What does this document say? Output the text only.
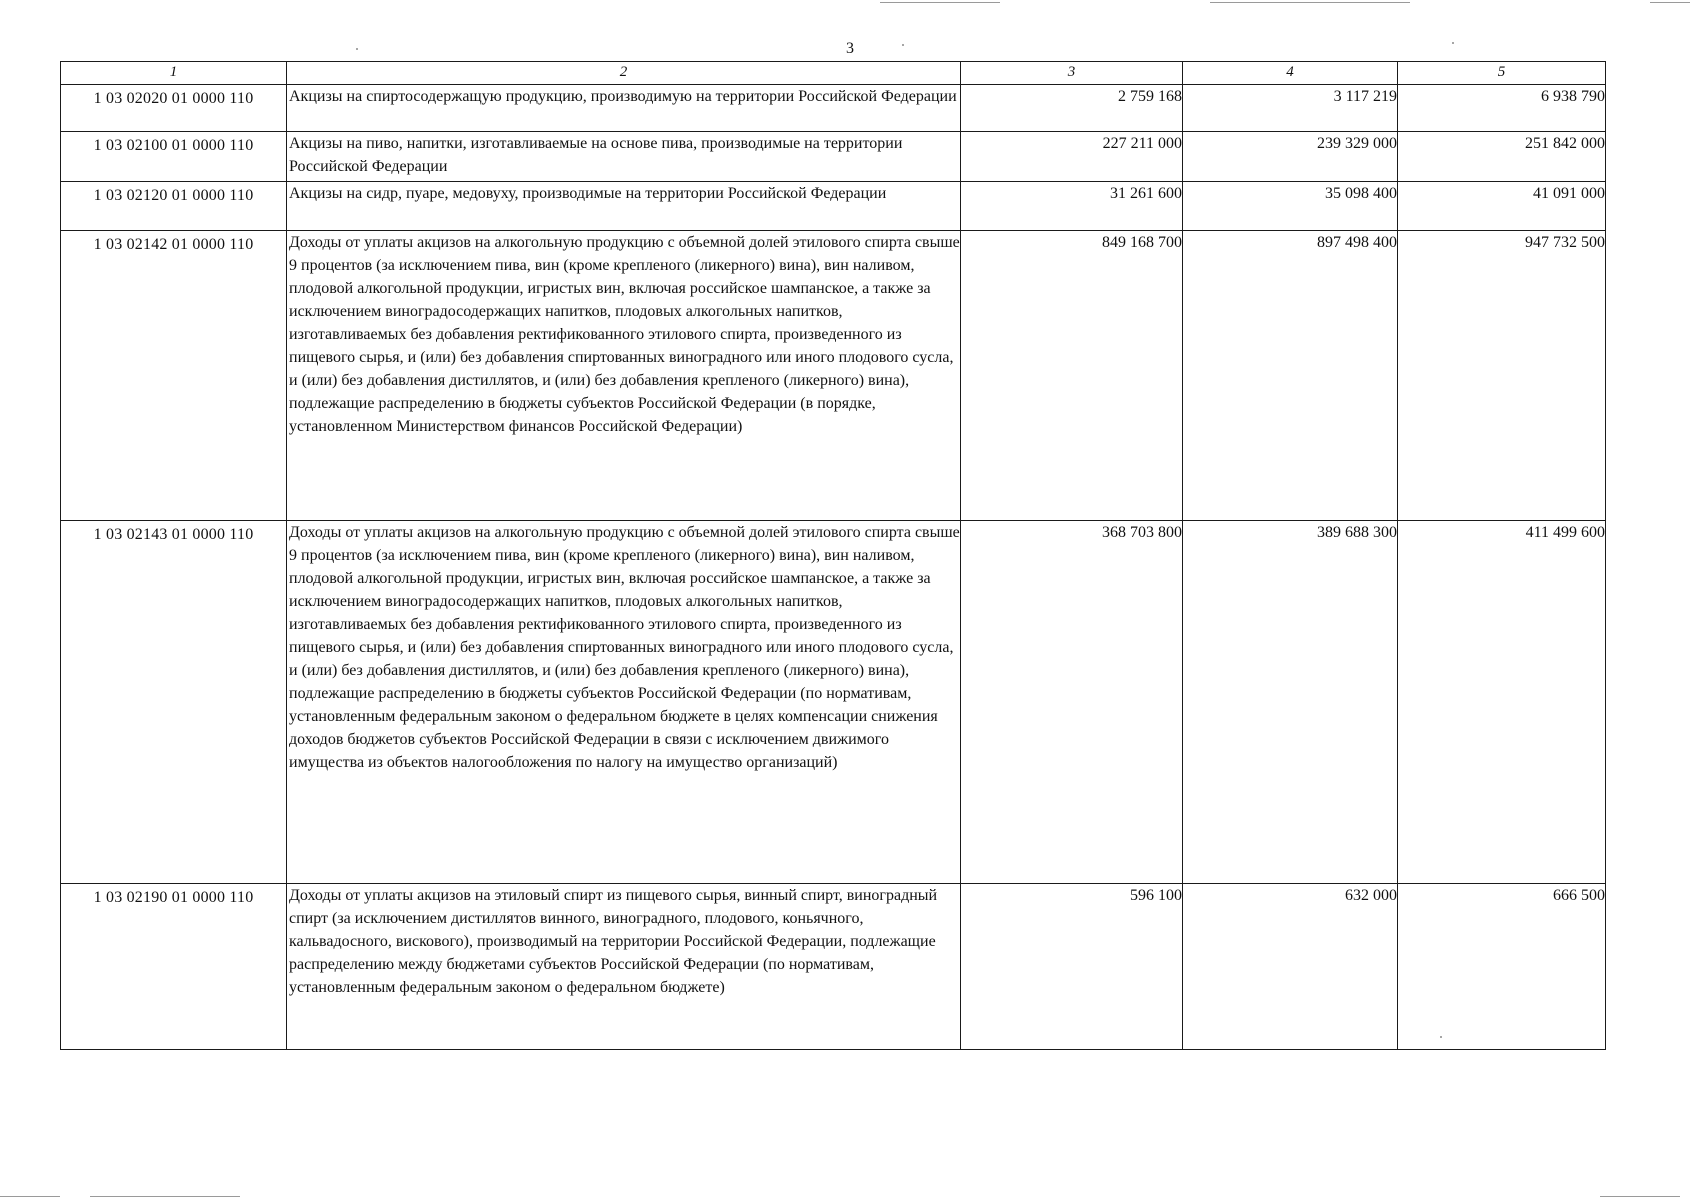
3
1	2	3	4	5
1 03 02020 01 0000 110	Акцизы на спиртосодержащую продукцию, производимую на территории Российской Федерации	2 759 168	3 117 219	6 938 790
1 03 02100 01 0000 110	Акцизы на пиво, напитки, изготавливаемые на основе пива, производимые на территории Российской Федерации	227 211 000	239 329 000	251 842 000
1 03 02120 01 0000 110	Акцизы на сидр, пуаре, медовуху, производимые на территории Российской Федерации	31 261 600	35 098 400	41 091 000
1 03 02142 01 0000 110	Доходы от уплаты акцизов на алкогольную продукцию с объемной долей этилового спирта свыше 9 процентов (за исключением пива, вин (кроме крепленого (ликерного) вина), вин наливом, плодовой алкогольной продукции, игристых вин, включая российское шампанское, а также за исключением виноградосодержащих напитков, плодовых алкогольных напитков, изготавливаемых без добавления ректификованного этилового спирта, произведенного из пищевого сырья, и (или) без добавления спиртованных виноградного или иного плодового сусла, и (или) без добавления дистиллятов, и (или) без добавления крепленого (ликерного) вина), подлежащие распределению в бюджеты субъектов Российской Федерации (в порядке, установленном Министерством финансов Российской Федерации)	849 168 700	897 498 400	947 732 500
1 03 02143 01 0000 110	Доходы от уплаты акцизов на алкогольную продукцию с объемной долей этилового спирта свыше 9 процентов (за исключением пива, вин (кроме крепленого (ликерного) вина), вин наливом, плодовой алкогольной продукции, игристых вин, включая российское шампанское, а также за исключением виноградосодержащих напитков, плодовых алкогольных напитков, изготавливаемых без добавления ректификованного этилового спирта, произведенного из пищевого сырья, и (или) без добавления спиртованных виноградного или иного плодового сусла, и (или) без добавления дистиллятов, и (или) без добавления крепленого (ликерного) вина), подлежащие распределению в бюджеты субъектов Российской Федерации (по нормативам, установленным федеральным законом о федеральном бюджете в целях компенсации снижения доходов бюджетов субъектов Российской Федерации в связи с исключением движимого имущества из объектов налогообложения по налогу на имущество организаций)	368 703 800	389 688 300	411 499 600
1 03 02190 01 0000 110	Доходы от уплаты акцизов на этиловый спирт из пищевого сырья, винный спирт, виноградный спирт (за исключением дистиллятов винного, виноградного, плодового, коньячного, кальвадосного, вискового), производимый на территории Российской Федерации, подлежащие распределению между бюджетами субъектов Российской Федерации (по нормативам, установленным федеральным законом о федеральном бюджете)	596 100	632 000	666 500
